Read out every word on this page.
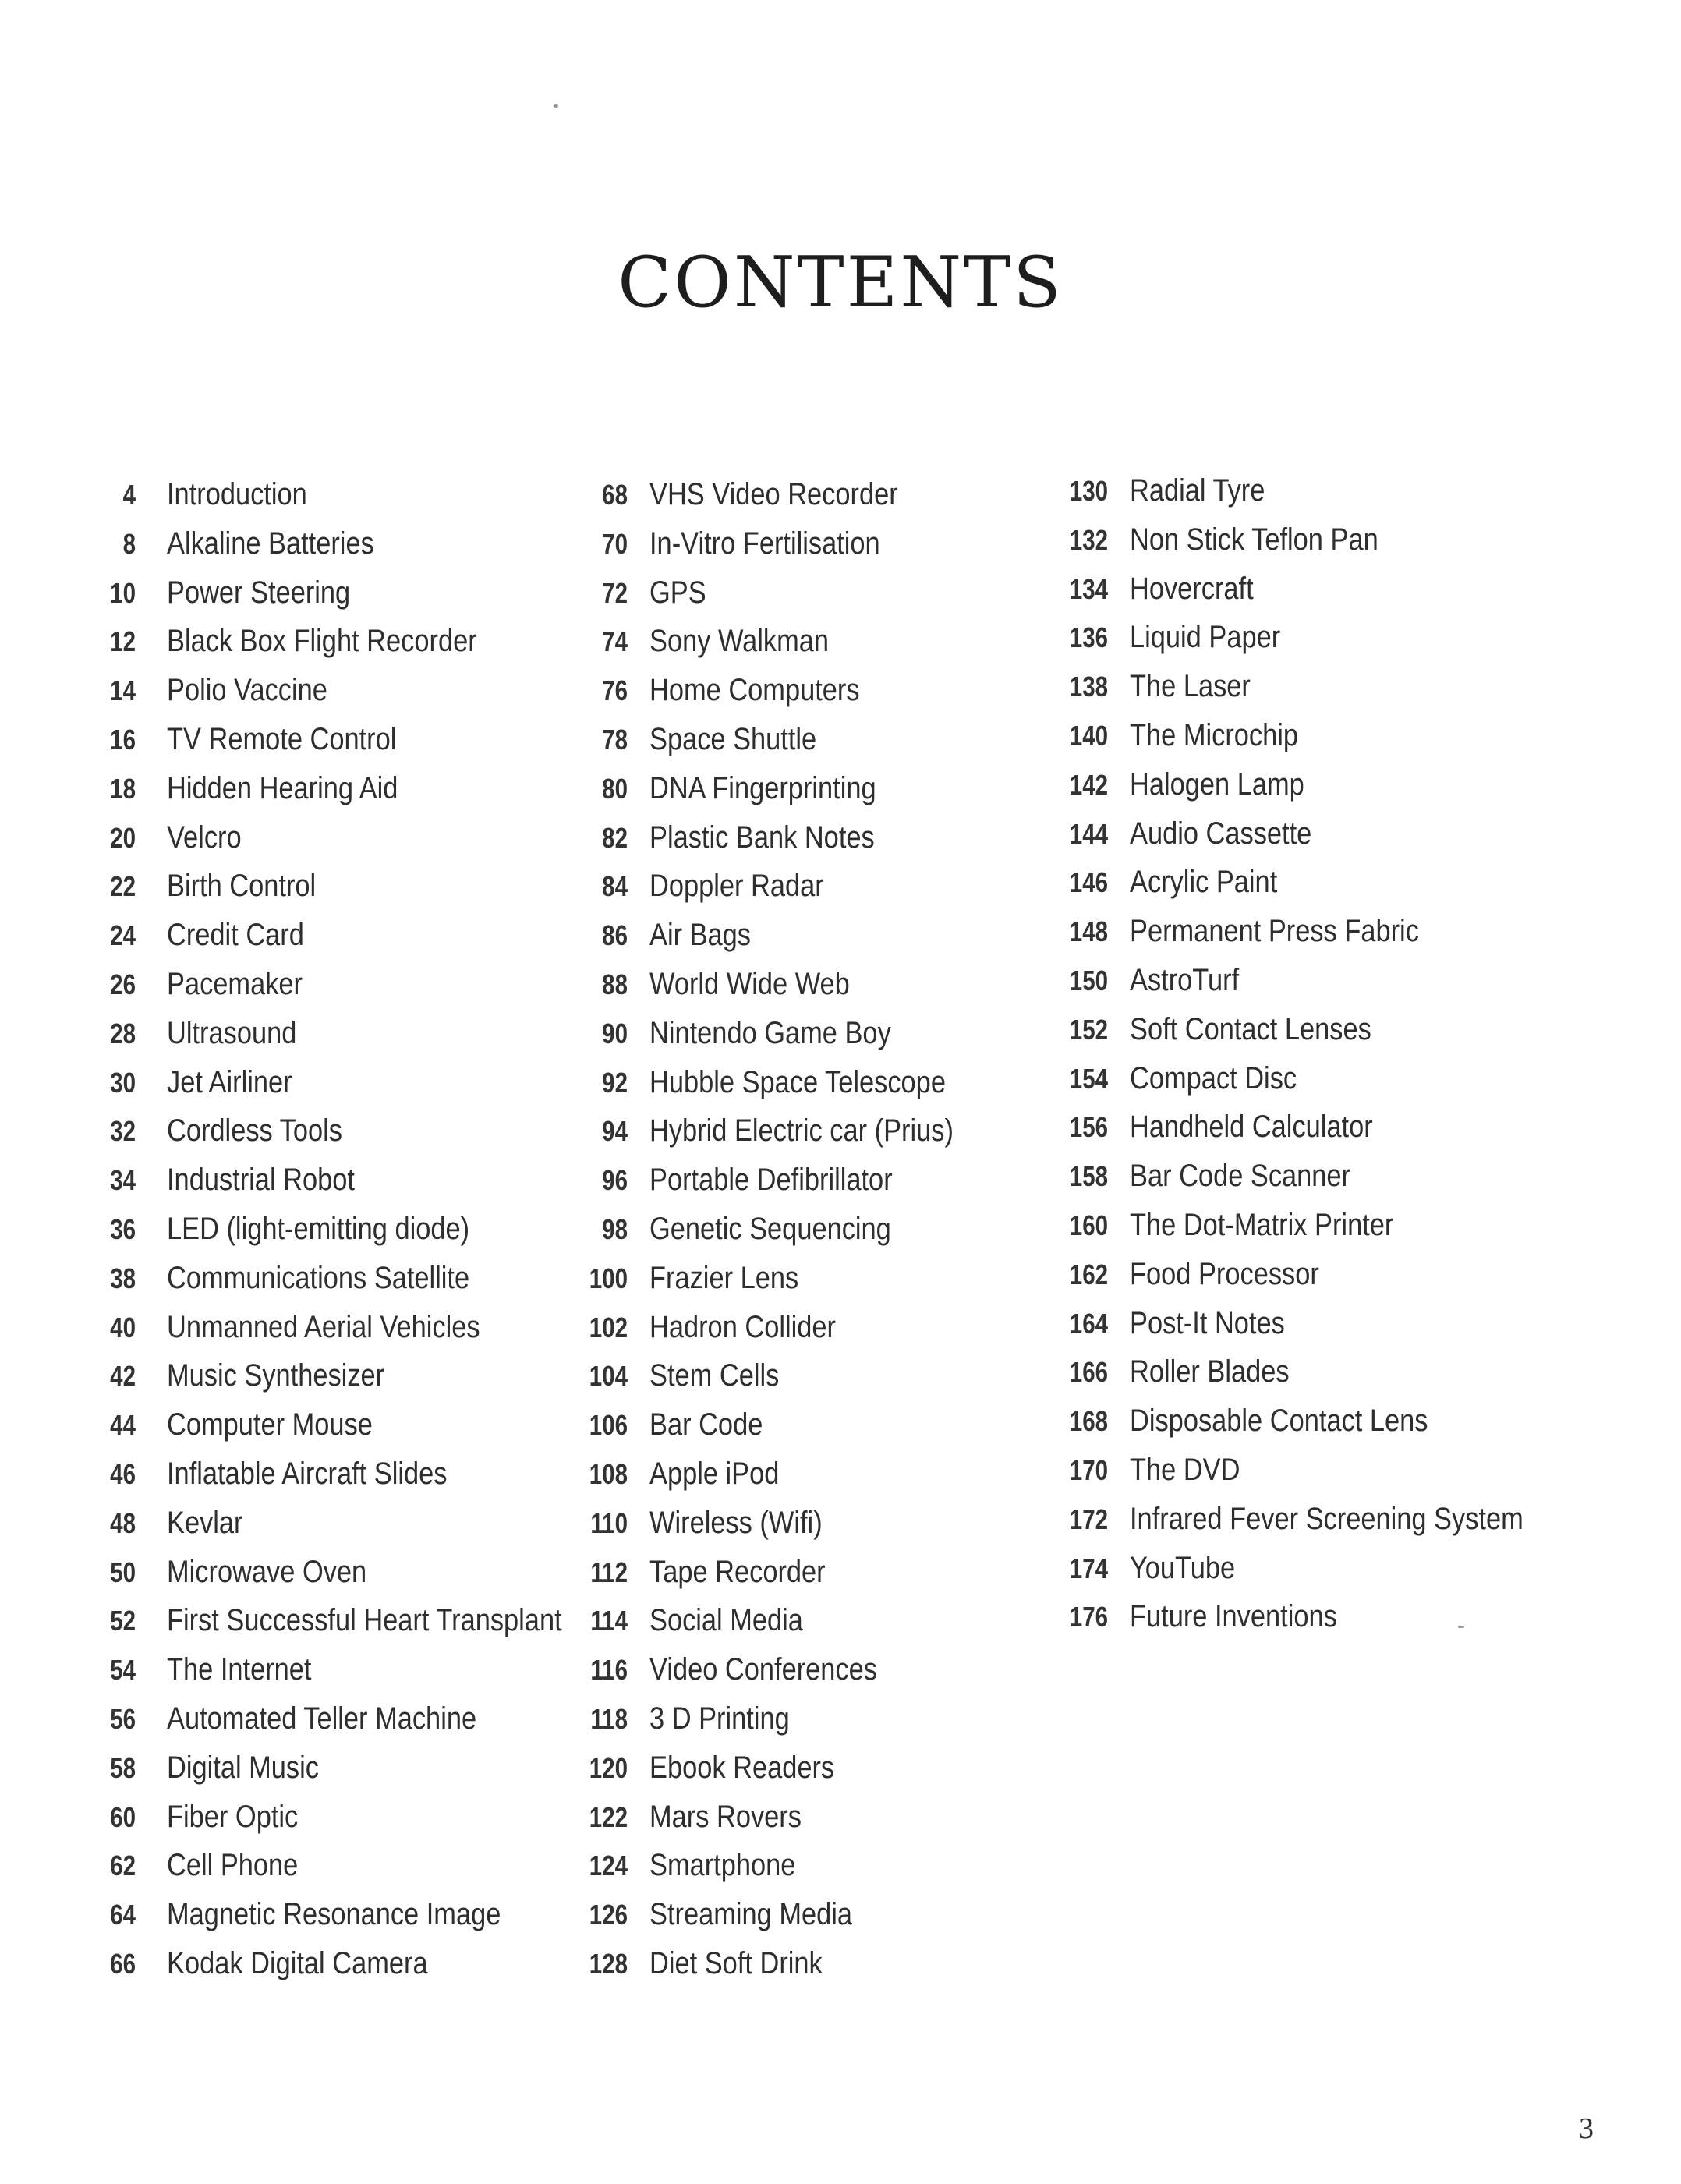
CONTENTS
4 Introduction
8 Alkaline Batteries
10 Power Steering
12 Black Box Flight Recorder
14 Polio Vaccine
16 TV Remote Control
18 Hidden Hearing Aid
20 Velcro
22 Birth Control
24 Credit Card
26 Pacemaker
28 Ultrasound
30 Jet Airliner
32 Cordless Tools
34 Industrial Robot
36 LED (light-emitting diode)
38 Communications Satellite
40 Unmanned Aerial Vehicles
42 Music Synthesizer
44 Computer Mouse
46 Inflatable Aircraft Slides
48 Kevlar
50 Microwave Oven
52 First Successful Heart Transplant
54 The Internet
56 Automated Teller Machine
58 Digital Music
60 Fiber Optic
62 Cell Phone
64 Magnetic Resonance Image
66 Kodak Digital Camera
68 VHS Video Recorder
70 In-Vitro Fertilisation
72 GPS
74 Sony Walkman
76 Home Computers
78 Space Shuttle
80 DNA Fingerprinting
82 Plastic Bank Notes
84 Doppler Radar
86 Air Bags
88 World Wide Web
90 Nintendo Game Boy
92 Hubble Space Telescope
94 Hybrid Electric car (Prius)
96 Portable Defibrillator
98 Genetic Sequencing
100 Frazier Lens
102 Hadron Collider
104 Stem Cells
106 Bar Code
108 Apple iPod
110 Wireless (Wifi)
112 Tape Recorder
114 Social Media
116 Video Conferences
118 3 D Printing
120 Ebook Readers
122 Mars Rovers
124 Smartphone
126 Streaming Media
128 Diet Soft Drink
130 Radial Tyre
132 Non Stick Teflon Pan
134 Hovercraft
136 Liquid Paper
138 The Laser
140 The Microchip
142 Halogen Lamp
144 Audio Cassette
146 Acrylic Paint
148 Permanent Press Fabric
150 AstroTurf
152 Soft Contact Lenses
154 Compact Disc
156 Handheld Calculator
158 Bar Code Scanner
160 The Dot-Matrix Printer
162 Food Processor
164 Post-It Notes
166 Roller Blades
168 Disposable Contact Lens
170 The DVD
172 Infrared Fever Screening System
174 YouTube
176 Future Inventions
3
